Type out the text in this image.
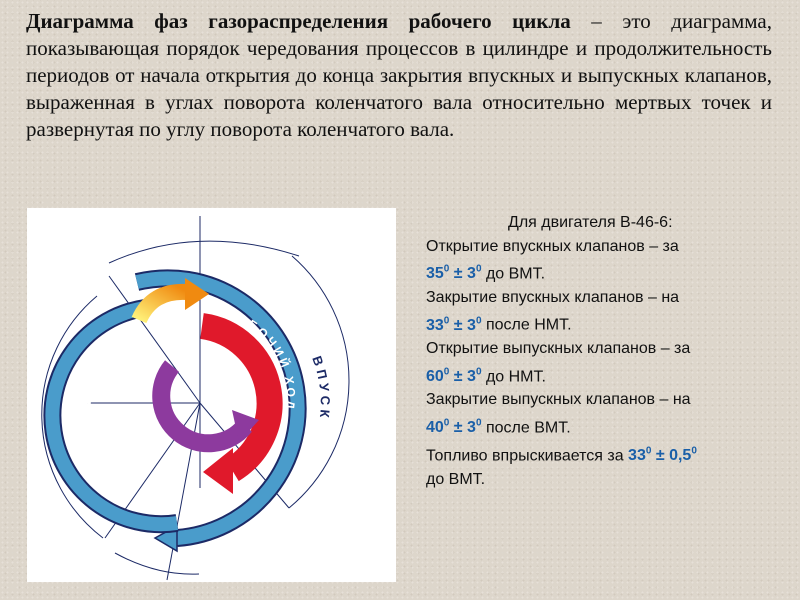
Диаграмма фаз газораспределения рабочего цикла – это диаграмма, показывающая порядок чередования процессов в цилиндре и продолжительность периодов от начала открытия до конца закрытия впускных и выпускных клапанов, выраженная в углах поворота коленчатого вала относительно мертвых точек и развернутая по углу поворота коленчатого вала.
ВПУСК
СЖАТИЕ
РАБОЧИЙ ХОД
ВЫПУСК
Для двигателя В-46-6:
Открытие впускных клапанов – за
$35^0 \pm 3^0$ до ВМТ.
Закрытие впускных клапанов – на
$33^0 \pm 3^0$ после НМТ.
Открытие выпускных клапанов – за
$60^0 \pm 3^0$ до НМТ.
Закрытие выпускных клапанов – на
$40^0 \pm 3^0$ после ВМТ.
Топливо впрыскивается за $33^0 \pm 0,5^0$
до ВМТ.
